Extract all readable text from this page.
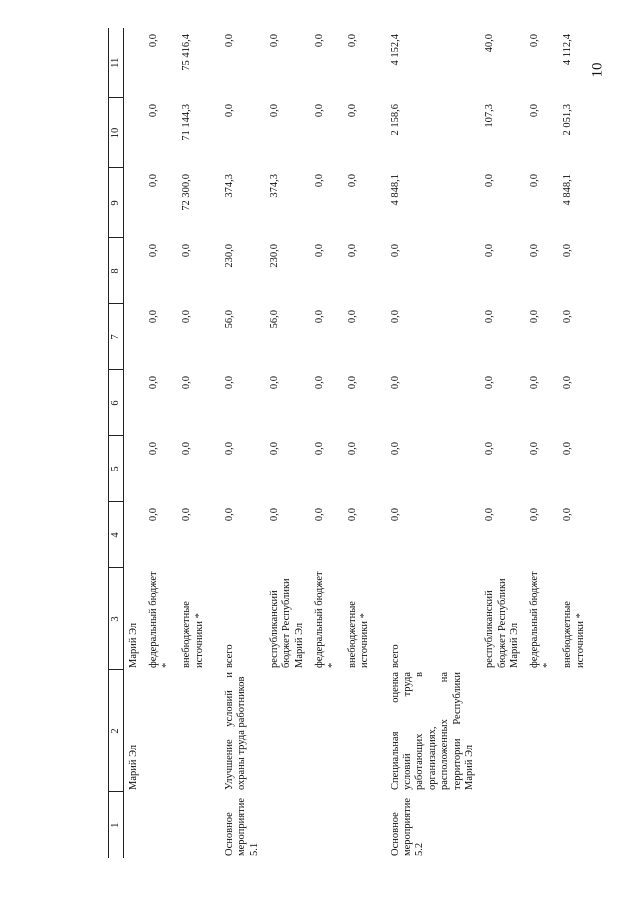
10
1	2	3	4	5	6	7	8	9	10	11
	Марий Эл	Марий Эл								
		федеральный бюджет *	0,0	0,0	0,0	0,0	0,0	0,0	0,0	0,0
		внебюджетные источники *	0,0	0,0	0,0	0,0	0,0	72 300,0	71 144,3	75 416,4
Основное мероприятие 5.1	Улучшение условий и охраны труда работников	всего	0,0	0,0	0,0	56,0	230,0	374,3	0,0	0,0
		республиканский бюджет Республики Марий Эл	0,0	0,0	0,0	56,0	230,0	374,3	0,0	0,0
		федеральный бюджет *	0,0	0,0	0,0	0,0	0,0	0,0	0,0	0,0
		внебюджетные источники *	0,0	0,0	0,0	0,0	0,0	0,0	0,0	0,0
Основное мероприятие 5.2	Специальная оценка условий труда работающих в организациях, расположенных на территории Республики Марий Эл	всего	0,0	0,0	0,0	0,0	0,0	4 848,1	2 158,6	4 152,4
		республиканский бюджет Республики Марий Эл	0,0	0,0	0,0	0,0	0,0	0,0	107,3	40,0
		федеральный бюджет *	0,0	0,0	0,0	0,0	0,0	0,0	0,0	0,0
		внебюджетные источники *	0,0	0,0	0,0	0,0	0,0	4 848,1	2 051,3	4 112,4
